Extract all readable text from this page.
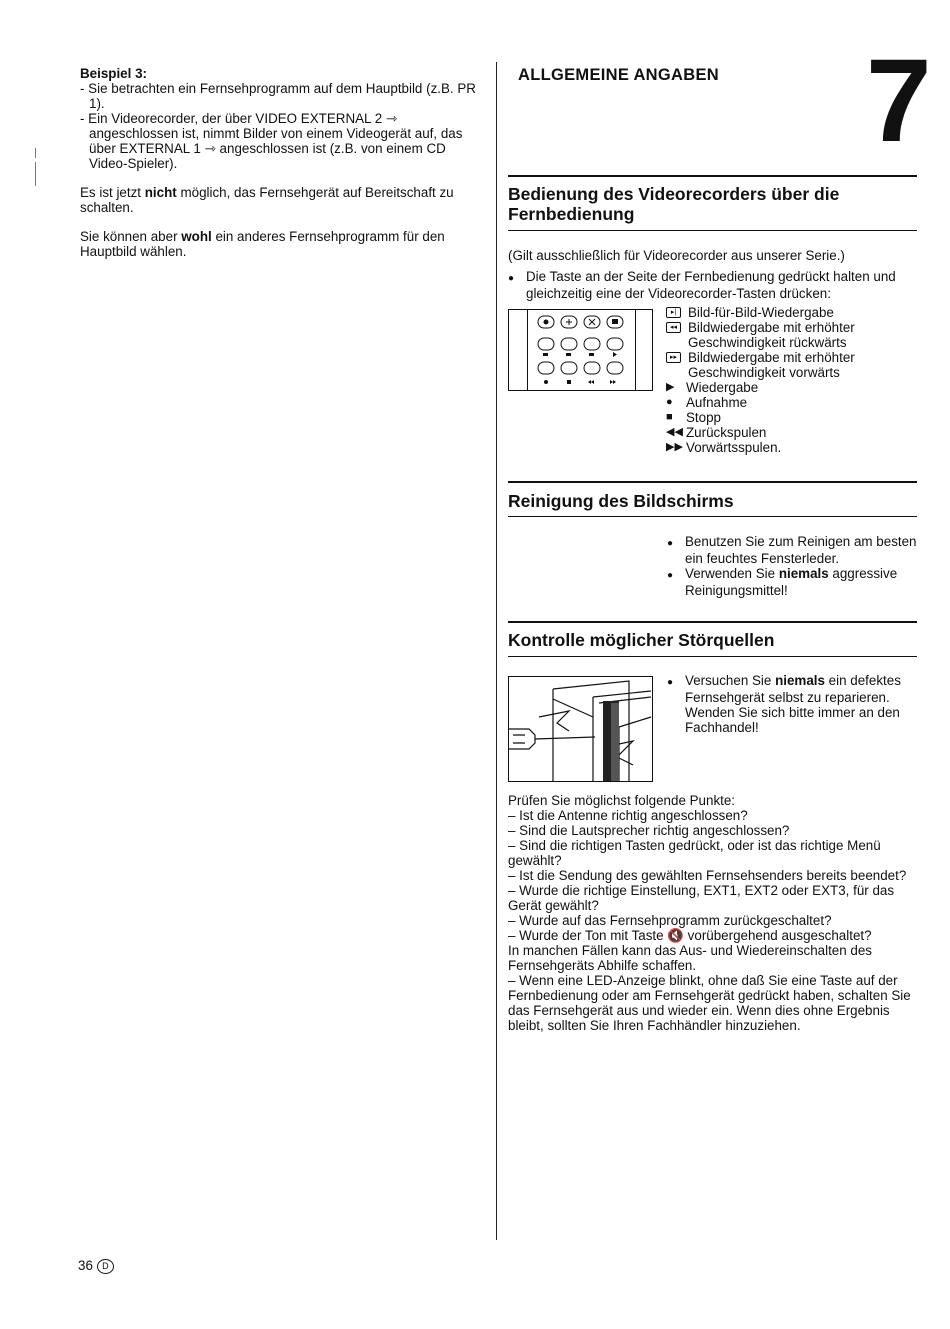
Beispiel 3:

- Sie betrachten ein Fernsehprogramm auf dem Hauptbild (z.B. PR 1).

- Ein Videorecorder, der über VIDEO EXTERNAL 2 ⇾ angeschlossen ist, nimmt Bilder von einem Videogerät auf, das über EXTERNAL 1 ⇾ angeschlossen ist (z.B. von einem CD Video-Spieler).

Es ist jetzt nicht möglich, das Fernsehgerät auf Bereitschaft zu schalten.

Sie können aber wohl ein anderes Fernsehprogramm für den Hauptbild wählen.

ALLGEMEINE ANGABEN 7
Bedienung des Videorecorders über die Fernbedienung

(Gilt ausschließlich für Videorecorder aus unserer Serie.)

● Die Taste an der Seite der Fernbedienung gedrückt halten und gleichzeitig eine der Videorecorder-Tasten drücken:

▸| Bild-für-Bild-Wiedergabe
◂◂ Bildwiedergabe mit erhöhter Geschwindigkeit rückwärts
▸▸ Bildwiedergabe mit erhöhter Geschwindigkeit vorwärts
▶ Wiedergabe
● Aufnahme
■ Stopp
◀◀ Zurückspulen
▶▶ Vorwärtsspulen.
Reinigung des Bildschirms

● Benutzen Sie zum Reinigen am besten ein feuchtes Fensterleder.

● Verwenden Sie niemals aggressive Reinigungsmittel!

Kontrolle möglicher Störquellen

● Versuchen Sie niemals ein defektes Fernsehgerät selbst zu reparieren. Wenden Sie sich bitte immer an den Fachhandel!

Prüfen Sie möglichst folgende Punkte:

– Ist die Antenne richtig angeschlossen?

– Sind die Lautsprecher richtig angeschlossen?

– Sind die richtigen Tasten gedrückt, oder ist das richtige Menü gewählt?

– Ist die Sendung des gewählten Fernsehsenders bereits beendet?

– Wurde die richtige Einstellung, EXT1, EXT2 oder EXT3, für das Gerät gewählt?

– Wurde auf das Fernsehprogramm zurückgeschaltet?

– Wurde der Ton mit Taste 🔇 vorübergehend ausgeschaltet?

In manchen Fällen kann das Aus- und Wiedereinschalten des Fernsehgeräts Abhilfe schaffen.

– Wenn eine LED-Anzeige blinkt, ohne daß Sie eine Taste auf der Fernbedienung oder am Fernsehgerät gedrückt haben, schalten Sie das Fernsehgerät aus und wieder ein. Wenn dies ohne Ergebnis bleibt, sollten Sie Ihren Fachhändler hinzuziehen.

36 D
